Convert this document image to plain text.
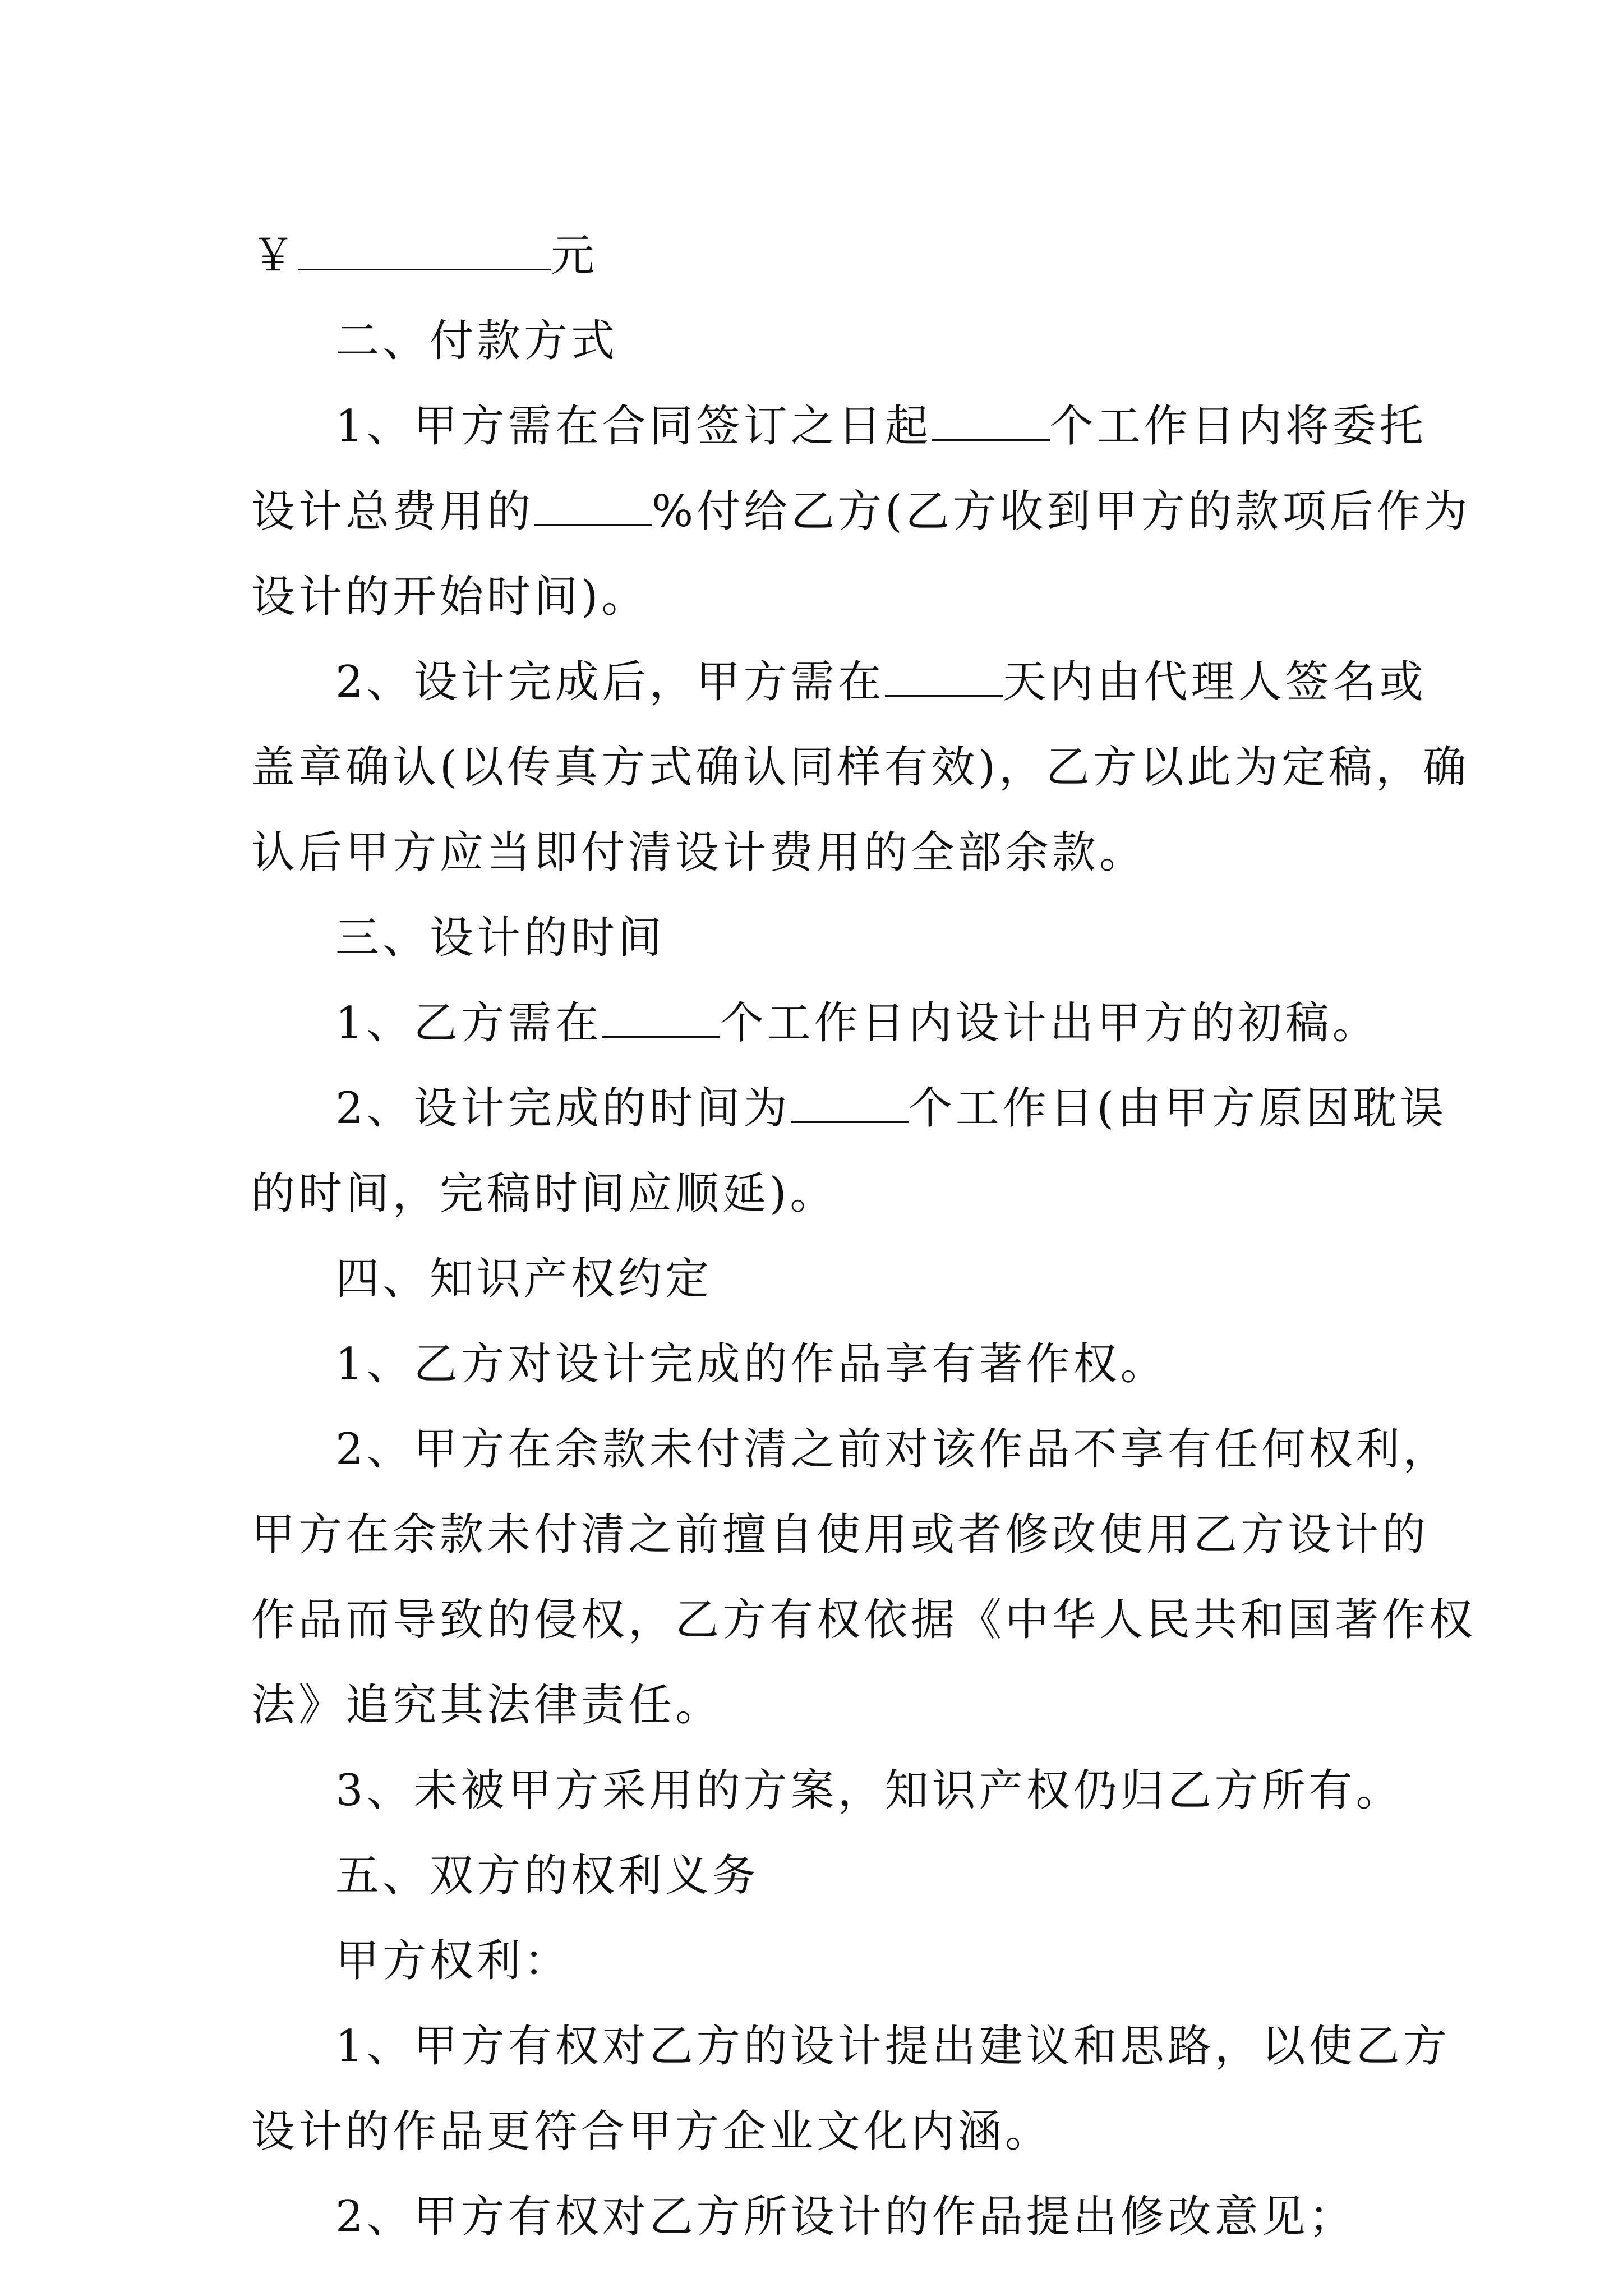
￥	元
二、付款方式
1、甲方需在合同签订之日起	个工作日内将委托
设计总费用的	%付给乙方(乙方收到甲方的款项后作为
设计的开始时间)。
2、设计完成后，甲方需在	天内由代理人签名或
盖章确认(以传真方式确认同样有效)，乙方以此为定稿，确
认后甲方应当即付清设计费用的全部余款。
三、设计的时间
1、乙方需在	个工作日内设计出甲方的初稿。
2、设计完成的时间为	个工作日(由甲方原因耽误
的时间，完稿时间应顺延)。
四、知识产权约定
1、乙方对设计完成的作品享有著作权。
2、甲方在余款未付清之前对该作品不享有任何权利，
甲方在余款未付清之前擅自使用或者修改使用乙方设计的
作品而导致的侵权，乙方有权依据《中华人民共和国著作权
法》追究其法律责任。
3、未被甲方采用的方案，知识产权仍归乙方所有。
五、双方的权利义务
甲方权利：
1、甲方有权对乙方的设计提出建议和思路，以使乙方
设计的作品更符合甲方企业文化内涵。
2、甲方有权对乙方所设计的作品提出修改意见；
